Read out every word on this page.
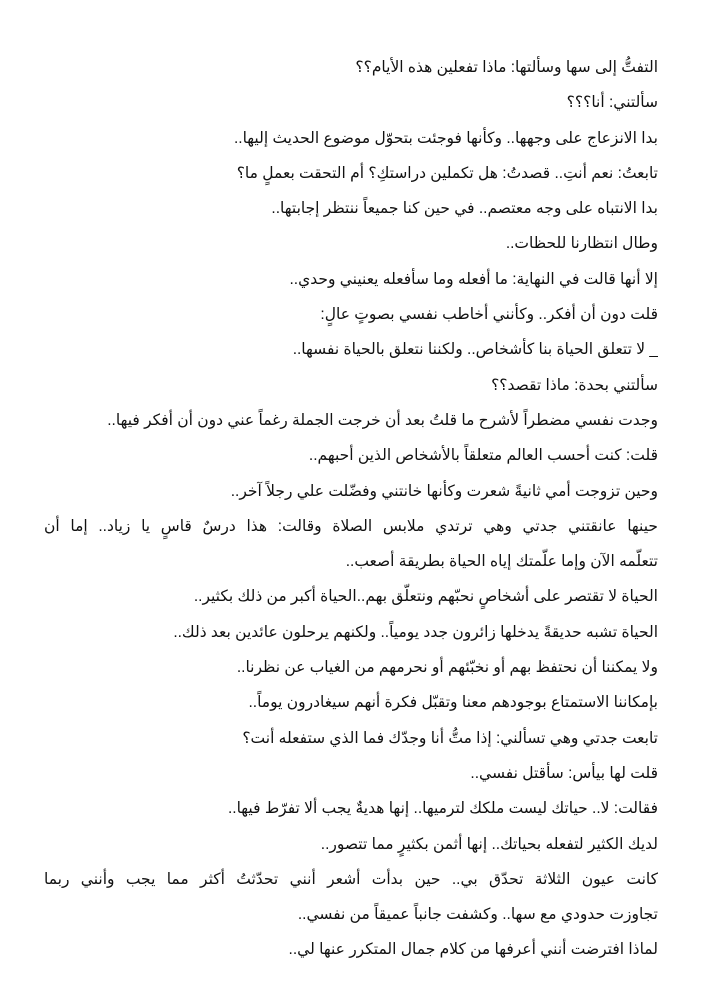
التفتُّ إلى سها وسألتها: ماذا تفعلين هذه الأيام؟؟
سألتني: أنا؟؟؟
بدا الانزعاج على وجهها.. وكأنها فوجئت بتحوّل موضوع الحديث إليها..
تابعتُ: نعم أنتِ.. قصدتُ: هل تكملين دراستكِ؟ أم التحقت بعملٍ ما؟
بدا الانتباه على وجه معتصم.. في حين كنا جميعاً ننتظر إجابتها..
وطال انتظارنا للحظات..
إلا أنها قالت في النهاية: ما أفعله وما سأفعله يعنيني وحدي..
قلت دون أن أفكر.. وكأنني أخاطب نفسي بصوتٍ عالٍ:
_ لا تتعلق الحياة بنا كأشخاص.. ولكننا نتعلق بالحياة نفسها..
سألتني بحدة: ماذا تقصد؟؟
وجدت نفسي مضطراً لأشرح ما قلتُ بعد أن خرجت الجملة رغماً عني دون أن أفكر فيها..
قلت: كنت أحسب العالم متعلقاً بالأشخاص الذين أحبهم..
وحين تزوجت أمي ثانيةً شعرت وكأنها خانتني وفضّلت علي رجلاً آخر..
حينها عانقتني جدتي وهي ترتدي ملابس الصلاة وقالت: هذا درسٌ قاسٍ يا زياد.. إما أن
تتعلّمه الآن وإما علّمتك إياه الحياة بطريقة أصعب..
الحياة لا تقتصر على أشخاصٍ نحبّهم ونتعلّق بهم..الحياة أكبر من ذلك بكثير..
الحياة تشبه حديقةً يدخلها زائرون جدد يومياً.. ولكنهم يرحلون عائدين بعد ذلك..
ولا يمكننا أن نحتفظ بهم أو نخبّئهم أو نحرمهم من الغياب عن نظرنا..
بإمكاننا الاستمتاع بوجودهم معنا وتقبّل فكرة أنهم سيغادرون يوماً..
تابعت جدتي وهي تسألني: إذا متُّ أنا وجدّك فما الذي ستفعله أنت؟
قلت لها بيأس: سأقتل نفسي..
فقالت: لا.. حياتك ليست ملكك لترميها.. إنها هديةٌ يجب ألا تفرّط فيها..
لديك الكثير لتفعله بحياتك.. إنها أثمن بكثيرٍ مما تتصور..
كانت عيون الثلاثة تحدّق بي.. حين بدأت أشعر أنني تحدّثتُ أكثر مما يجب وأنني ربما
تجاوزت حدودي مع سها.. وكشفت جانباً عميقاً من نفسي..
لماذا افترضت أنني أعرفها من كلام جمال المتكرر عنها لي..
